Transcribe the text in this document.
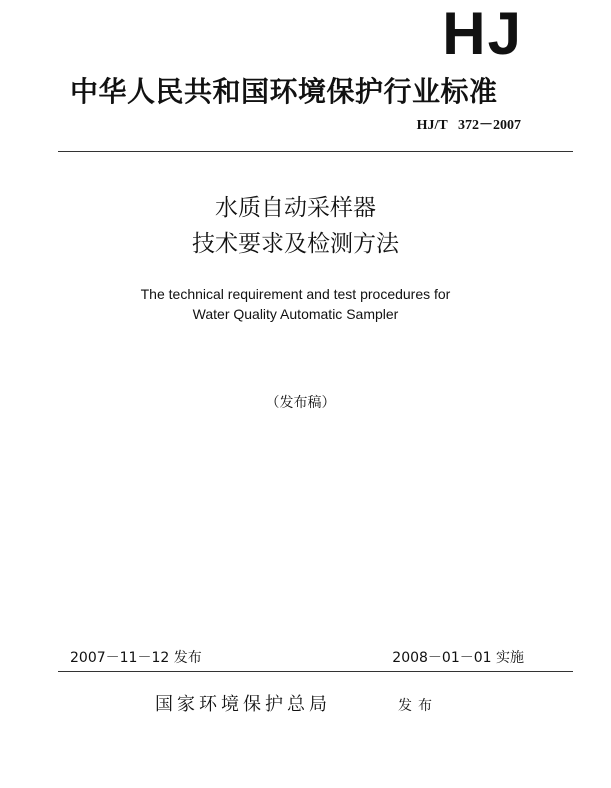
HJ
中华人民共和国环境保护行业标准
HJ/T   372－2007
水质自动采样器
技术要求及检测方法
The technical requirement and test procedures for
Water Quality Automatic Sampler
（发布稿）
2007－11－12 发布	2008－01－01 实施
国家环境保护总局	发布
